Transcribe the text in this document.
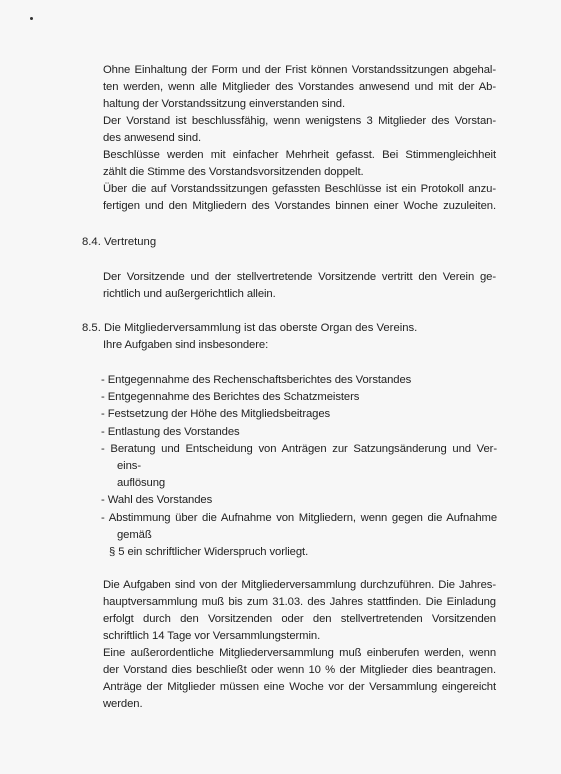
Ohne Einhaltung der Form und der Frist können Vorstandssitzungen abgehal-

ten werden, wenn alle Mitglieder des Vorstandes anwesend und mit der Ab-

haltung der Vorstandssitzung einverstanden sind.

Der Vorstand ist beschlussfähig, wenn wenigstens 3 Mitglieder des Vorstan-

des anwesend sind.

Beschlüsse werden mit einfacher Mehrheit gefasst. Bei Stimmengleichheit

zählt die Stimme des Vorstandsvorsitzenden doppelt.

Über die auf Vorstandssitzungen gefassten Beschlüsse ist ein Protokoll anzu-

fertigen und den Mitgliedern des Vorstandes binnen einer Woche zuzuleiten.

8.4. Vertretung

Der Vorsitzende und der stellvertretende Vorsitzende vertritt den Verein ge-

richtlich und außergerichtlich allein.

8.5. Die Mitgliederversammlung ist das oberste Organ des Vereins.

Ihre Aufgaben sind insbesondere:

- Entgegennahme des Rechenschaftsberichtes des Vorstandes
- Entgegennahme des Berichtes des Schatzmeisters
- Festsetzung der Höhe des Mitgliedsbeitrages
- Entlastung des Vorstandes
- Beratung und Entscheidung von Anträgen zur Satzungsänderung und Ver-
eins-
auflösung
- Wahl des Vorstandes
- Abstimmung über die Aufnahme von Mitgliedern, wenn gegen die Aufnahme
gemäß
§ 5 ein schriftlicher Widerspruch vorliegt.

Die Aufgaben sind von der Mitgliederversammlung durchzuführen. Die Jahres-

hauptversammlung muß bis zum 31.03. des Jahres stattfinden. Die Einladung

erfolgt durch den Vorsitzenden oder den stellvertretenden Vorsitzenden

schriftlich 14 Tage vor Versammlungstermin.

Eine außerordentliche Mitgliederversammlung muß einberufen werden, wenn

der Vorstand dies beschließt oder wenn 10 % der Mitglieder dies beantragen.

Anträge der Mitglieder müssen eine Woche vor der Versammlung eingereicht

werden.
